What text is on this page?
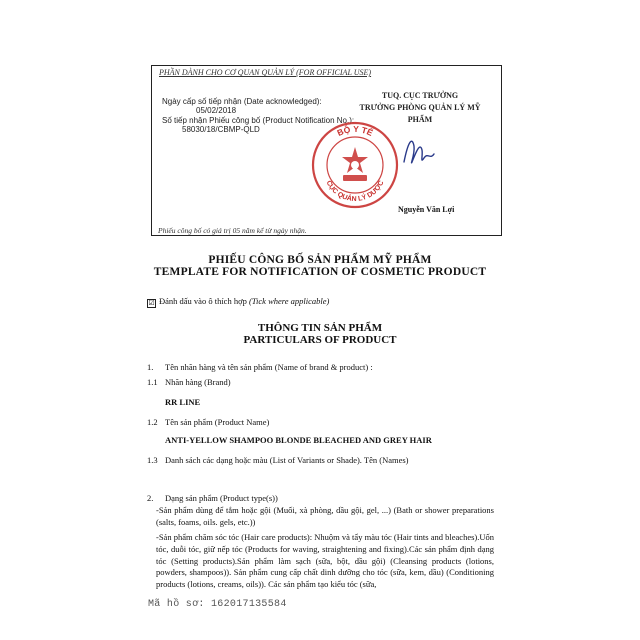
PHẦN DÀNH CHO CƠ QUAN QUẢN LÝ (FOR OFFICIAL USE)
Ngày cấp số tiếp nhận (Date acknowledged):
05/02/2018
Số tiếp nhận Phiếu công bố (Product Notification No.):
58030/18/CBMP-QLD
TUQ. CỤC TRƯỞNG
TRƯỞNG PHÒNG QUẢN LÝ MỸ PHẨM
BỘ Y TẾ
CỤC QUẢN LÝ DƯỢC
Nguyễn Văn Lợi
Phiếu công bố có giá trị 05 năm kể từ ngày nhận.
PHIẾU CÔNG BỐ SẢN PHẨM MỸ PHẨM
TEMPLATE FOR NOTIFICATION OF COSMETIC PRODUCT
☑ Đánh dấu vào ô thích hợp (Tick where applicable)
THÔNG TIN SẢN PHẨM
PARTICULARS OF PRODUCT
1. Tên nhãn hàng và tên sản phẩm (Name of brand & product) :
1.1 Nhãn hàng (Brand)
RR LINE
1.2 Tên sản phẩm (Product Name)
ANTI-YELLOW SHAMPOO BLONDE BLEACHED AND GREY HAIR
1.3 Danh sách các dạng hoặc màu (List of Variants or Shade). Tên (Names)
2. Dạng sản phẩm (Product type(s))
-Sản phẩm dùng để tắm hoặc gội (Muối, xà phòng, dầu gội, gel, ...) (Bath or shower preparations (salts, foams, oils. gels, etc.))
-Sản phẩm chăm sóc tóc (Hair care products): Nhuộm và tẩy màu tóc (Hair tints and bleaches).Uốn tóc, duỗi tóc, giữ nếp tóc (Products for waving, straightening and fixing).Các sản phẩm định dạng tóc (Setting products).Sản phẩm làm sạch (sữa, bột, dầu gội) (Cleansing products (lotions, powders, shampoos)). Sản phẩm cung cấp chất dinh dưỡng cho tóc (sữa, kem, dầu) (Conditioning products (lotions, creams, oils)). Các sản phẩm tạo kiểu tóc (sữa,
Mã hồ sơ: 162017135584
